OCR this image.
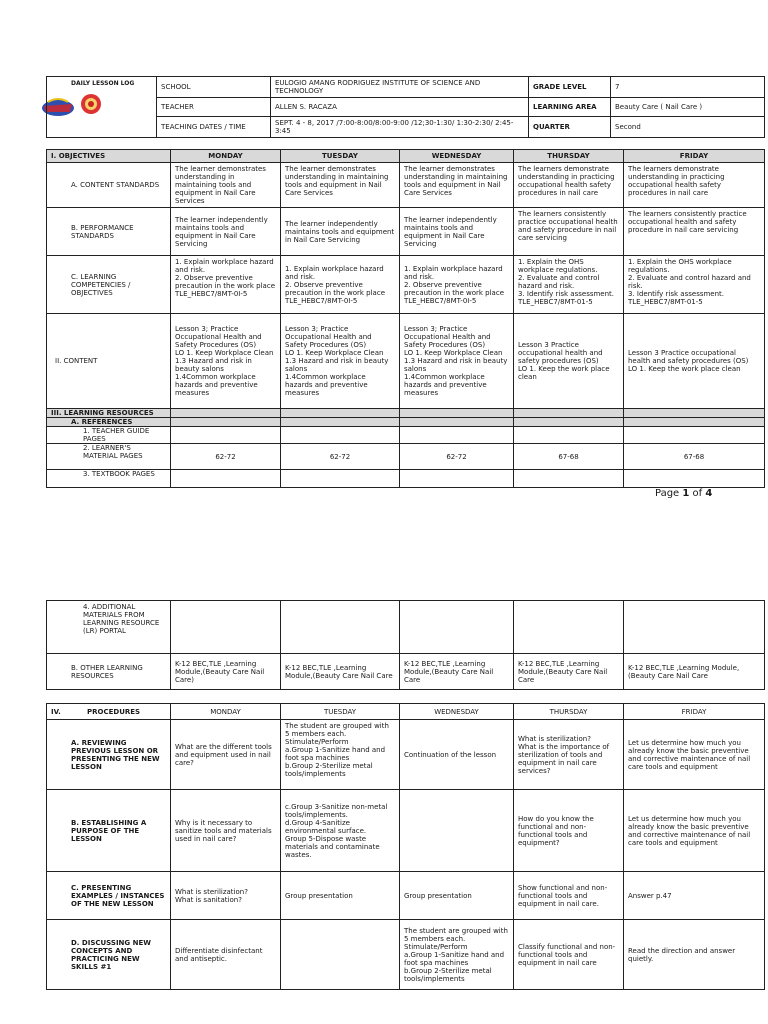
DAILY LESSON LOG	SCHOOL	EULOGIO AMANG RODRIGUEZ INSTITUTE OF SCIENCE AND TECHNOLOGY	GRADE LEVEL	7
	TEACHER	ALLEN S. RACAZA	LEARNING AREA	Beauty Care ( Nail Care )
	TEACHING DATES / TIME	SEPT. 4 - 8, 2017 /7:00-8:00/8:00-9:00 /12;30-1:30/ 1:30-2:30/ 2:45-3:45	QUARTER	Second
I. OBJECTIVES	MONDAY	TUESDAY	WEDNESDAY	THURSDAY	FRIDAY
A. CONTENT STANDARDS	The learner demonstrates understanding in maintaining tools and equipment in Nail Care Services	The learner demonstrates understanding in maintaining tools and equipment in Nail Care Services	The learner demonstrates understanding in maintaining tools and equipment in Nail Care Services	The learners demonstrate understanding in practicing occupational health safety procedures in nail care	The learners demonstrate understanding in practicing occupational health safety procedures in nail care
B. PERFORMANCE STANDARDS	The learner independently maintains tools and equipment in Nail Care Servicing	The learner independently maintains tools and equipment in Nail Care Servicing	The learner independently maintains tools and equipment in Nail Care Servicing	The learners consistently practice occupational health and safety procedure in nail care servicing	The learners consistently practice occupational health and safety procedure in nail care servicing
C. LEARNING COMPETENCIES / OBJECTIVES	1. Explain workplace hazard and risk.
2. Observe preventive precaution in the work place
TLE_HEBC7/8MT-0I-5	1. Explain workplace hazard and risk.
2. Observe preventive precaution in the work place
TLE_HEBC7/8MT-0I-5	1. Explain workplace hazard and risk.
2. Observe preventive precaution in the work place
TLE_HEBC7/8MT-0I-5	1. Explain the OHS workplace regulations.
2. Evaluate and control hazard and risk.
3. Identify risk assessment.
TLE_HEBC7/8MT-01-5	1. Explain the OHS workplace regulations.
2. Evaluate and control hazard and risk.
3. Identify risk assessment.
TLE_HEBC7/8MT-01-5
II. CONTENT	Lesson 3; Practice Occupational Health and Safety Procedures (OS)
LO 1. Keep Workplace Clean
1.3 Hazard and risk in beauty salons
1.4Common workplace hazards and preventive measures	Lesson 3; Practice Occupational Health and Safety Procedures (OS)
LO 1. Keep Workplace Clean
1.3 Hazard and risk in beauty salons
1.4Common workplace hazards and preventive measures	Lesson 3; Practice Occupational Health and Safety Procedures (OS)
LO 1. Keep Workplace Clean
1.3 Hazard and risk in beauty salons
1.4Common workplace hazards and preventive measures	Lesson 3 Practice occupational health and safety procedures (OS)
LO 1. Keep the work place clean	Lesson 3 Practice occupational health and safety procedures (OS)
LO 1. Keep the work place clean
III. LEARNING RESOURCES					
A. REFERENCES					
1. TEACHER GUIDE PAGES					
2. LEARNER'S MATERIAL PAGES	62-72	62-72	62-72	67-68	67-68
3. TEXTBOOK PAGES					
Page 1 of 4
4. ADDITIONAL MATERIALS FROM LEARNING RESOURCE (LR) PORTAL					
B. OTHER LEARNING RESOURCES	K-12 BEC,TLE ,Learning Module,(Beauty Care Nail Care)	K-12 BEC,TLE ,Learning Module,(Beauty Care Nail Care	K-12 BEC,TLE ,Learning Module,(Beauty Care Nail Care	K-12 BEC,TLE ,Learning Module,(Beauty Care Nail Care	K-12 BEC,TLE ,Learning Module,(Beauty Care Nail Care
IV. PROCEDURES	MONDAY	TUESDAY	WEDNESDAY	THURSDAY	FRIDAY
A. REVIEWING PREVIOUS LESSON OR PRESENTING THE NEW LESSON	What are the different tools and equipment used in nail care?	The student are grouped with 5 members each.
Stimulate/Perform
a.Group 1-Sanitize hand and foot spa machines
b.Group 2-Sterilize metal tools/implements	Continuation of the lesson	What is sterilization?
What is the importance of sterilization of tools and equipment in nail care services?	Let us determine how much you already know the basic preventive and corrective maintenance of nail care tools and equipment
B. ESTABLISHING A PURPOSE OF THE LESSON	Why is it necessary to sanitize tools and materials used in nail care?	c.Group 3-Sanitize non-metal tools/implements.
d.Group 4-Sanitize environmental surface.
Group 5-Dispose waste materials and contaminate wastes.		How do you know the functional and non-functional tools and equipment?	Let us determine how much you already know the basic preventive and corrective maintenance of nail care tools and equipment
C. PRESENTING EXAMPLES / INSTANCES OF THE NEW LESSON	What is sterilization?
What is sanitation?	Group presentation	Group presentation	Show functional and non-functional tools and equipment in nail care.	Answer p.47
D. DISCUSSING NEW CONCEPTS AND PRACTICING NEW SKILLS #1	Differentiate disinfectant and antiseptic.		The student are grouped with 5 members each.
Stimulate/Perform
a.Group 1-Sanitize hand and foot spa machines
b.Group 2-Sterilize metal tools/implements	Classify functional and non-functional tools and equipment in nail care	Read the direction and answer quietly.
